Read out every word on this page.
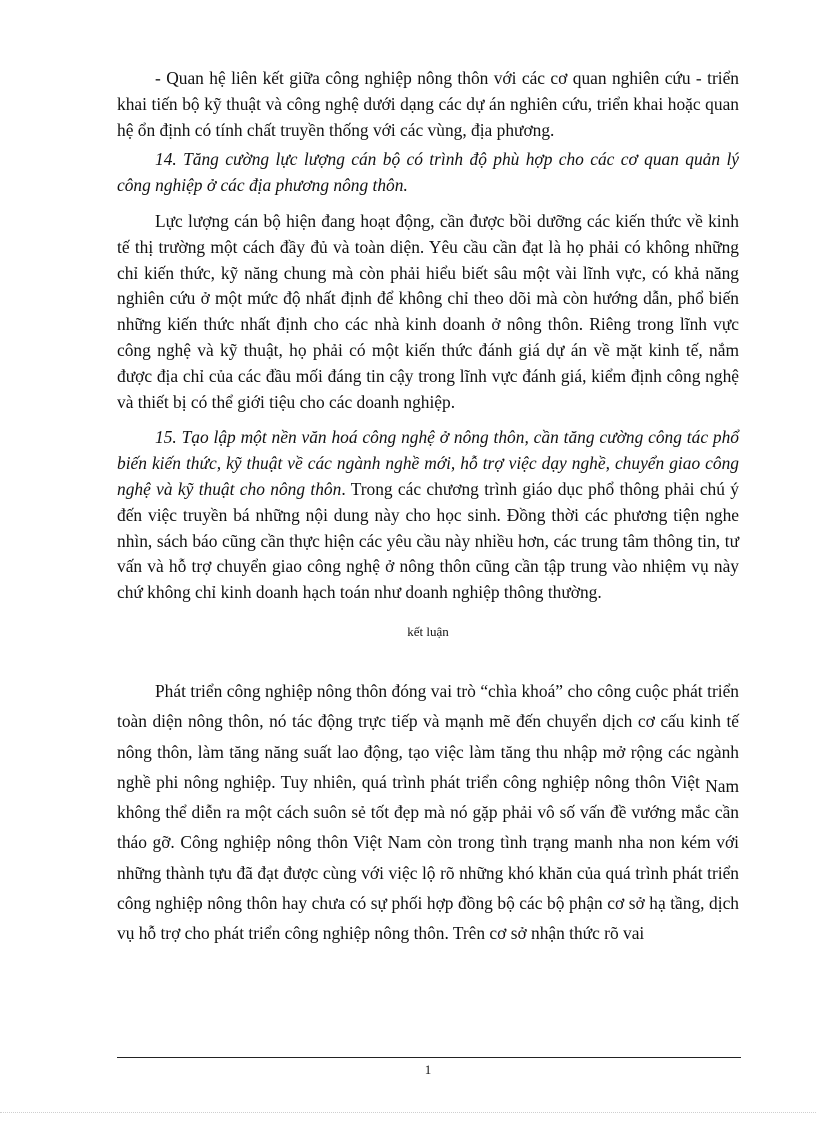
- Quan hệ liên kết giữa công nghiệp nông thôn với các cơ quan nghiên cứu - triển khai tiến bộ kỹ thuật và công nghệ dưới dạng các dự án nghiên cứu, triển khai hoặc quan hệ ổn định có tính chất truyền thống với các vùng, địa phương.

14. Tăng cường lực lượng cán bộ có trình độ phù hợp cho các cơ quan quản lý công nghiệp ở các địa phương nông thôn.

Lực lượng cán bộ hiện đang hoạt động, cần được bồi dưỡng các kiến thức về kinh tế thị trường một cách đầy đủ và toàn diện. Yêu cầu cần đạt là họ phải có không những chỉ kiến thức, kỹ năng chung mà còn phải hiểu biết sâu một vài lĩnh vực, có khả năng nghiên cứu ở một mức độ nhất định để không chỉ theo dõi mà còn hướng dẫn, phổ biến những kiến thức nhất định cho các nhà kinh doanh ở nông thôn. Riêng trong lĩnh vực công nghệ và kỹ thuật, họ phải có một kiến thức đánh giá dự án về mặt kinh tế, nắm được địa chỉ của các đầu mối đáng tin cậy trong lĩnh vực đánh giá, kiểm định công nghệ và thiết bị có thể giới tiệu cho các doanh nghiệp.

15. Tạo lập một nền văn hoá công nghệ ở nông thôn, cần tăng cường công tác phổ biến kiến thức, kỹ thuật về các ngành nghề mới, hỗ trợ việc dạy nghề, chuyển giao công nghệ và kỹ thuật cho nông thôn. Trong các chương trình giáo dục phổ thông phải chú ý đến việc truyền bá những nội dung này cho học sinh. Đồng thời các phương tiện nghe nhìn, sách báo cũng cần thực hiện các yêu cầu này nhiều hơn, các trung tâm thông tin, tư vấn và hỗ trợ chuyển giao công nghệ ở nông thôn cũng cần tập trung vào nhiệm vụ này chứ không chỉ kinh doanh hạch toán như doanh nghiệp thông thường.

kết luận

Phát triển công nghiệp nông thôn đóng vai trò “chìa khoá” cho công cuộc phát triển toàn diện nông thôn, nó tác động trực tiếp và mạnh mẽ đến chuyển dịch cơ cấu kinh tế nông thôn, làm tăng năng suất lao động, tạo việc làm tăng thu nhập mở rộng các ngành nghề phi nông nghiệp. Tuy nhiên, quá trình phát triển công nghiệp nông thôn Việt Nam không thể diễn ra một cách suôn sẻ tốt đẹp mà nó gặp phải vô số vấn đề vướng mắc cần tháo gỡ. Công nghiệp nông thôn Việt Nam còn trong tình trạng manh nha non kém với những thành tựu đã đạt được cùng với việc lộ rõ những khó khăn của quá trình phát triển công nghiệp nông thôn hay chưa có sự phối hợp đồng bộ các bộ phận cơ sở hạ tầng, dịch vụ hỗ trợ cho phát triển công nghiệp nông thôn. Trên cơ sở nhận thức rõ vai

1
